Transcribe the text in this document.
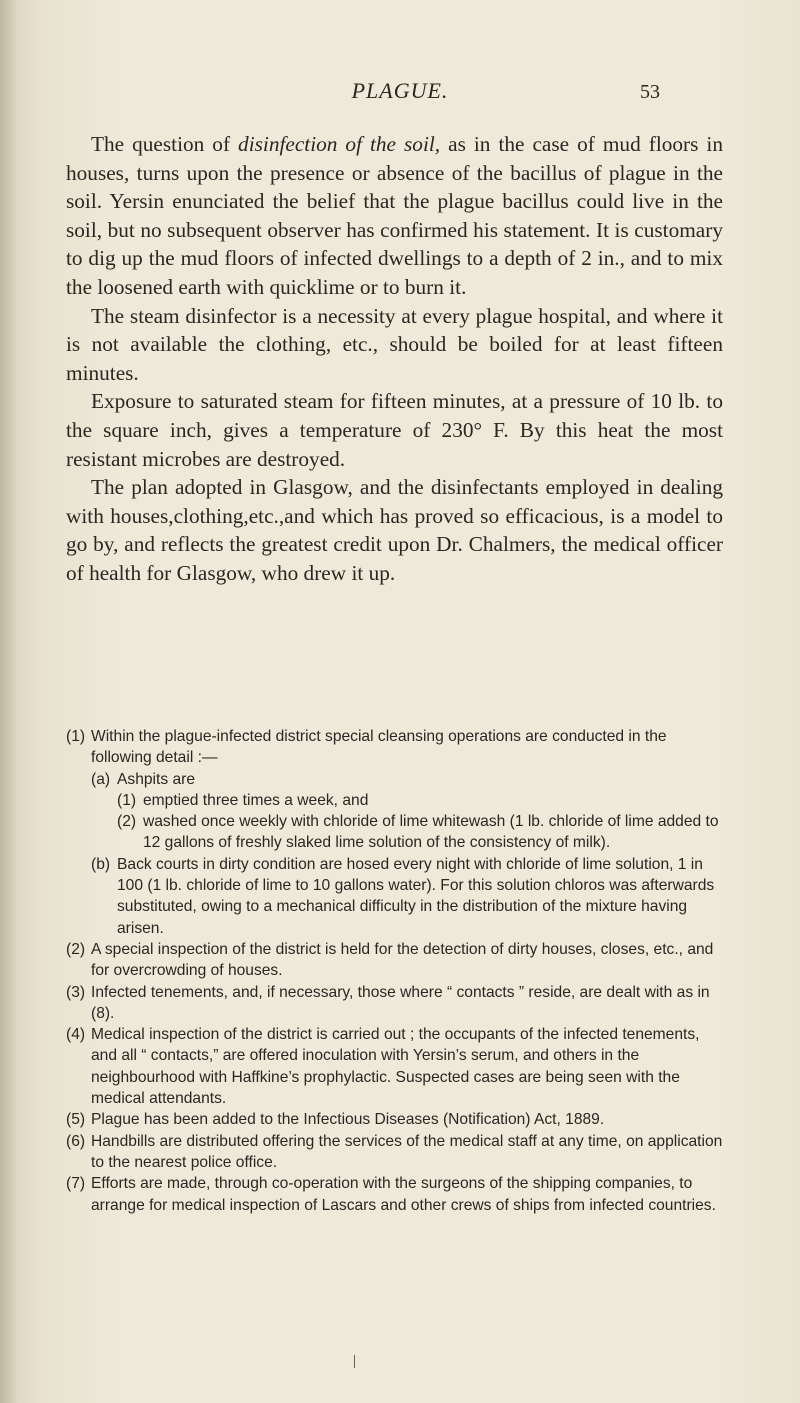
PLAGUE.	53

The question of disinfection of the soil, as in the case of mud floors in houses, turns upon the presence or absence of the bacillus of plague in the soil. Yersin enunciated the belief that the plague bacillus could live in the soil, but no subsequent observer has confirmed his statement. It is customary to dig up the mud floors of infected dwellings to a depth of 2 in., and to mix the loosened earth with quicklime or to burn it.

The steam disinfector is a necessity at every plague hospital, and where it is not available the clothing, etc., should be boiled for at least fifteen minutes.

Exposure to saturated steam for fifteen minutes, at a pressure of 10 lb. to the square inch, gives a temperature of 230° F. By this heat the most resistant microbes are destroyed.

The plan adopted in Glasgow, and the disinfectants employed in dealing with houses,clothing,etc.,and which has proved so efficacious, is a model to go by, and reflects the greatest credit upon Dr. Chalmers, the medical officer of health for Glasgow, who drew it up.

(1) Within the plague-infected district special cleansing operations are conducted in the following detail :—
(a) Ashpits are
(1) emptied three times a week, and
(2) washed once weekly with chloride of lime whitewash (1 lb. chloride of lime added to 12 gallons of freshly slaked lime solution of the consistency of milk).
(b) Back courts in dirty condition are hosed every night with chloride of lime solution, 1 in 100 (1 lb. chloride of lime to 10 gallons water). For this solution chloros was afterwards substituted, owing to a mechanical difficulty in the distribution of the mixture having arisen.
(2) A special inspection of the district is held for the detection of dirty houses, closes, etc., and for overcrowding of houses.
(3) Infected tenements, and, if necessary, those where “ contacts ” reside, are dealt with as in (8).
(4) Medical inspection of the district is carried out ; the occupants of the infected tenements, and all “ contacts,” are offered inoculation with Yersin’s serum, and others in the neighbourhood with Haffkine’s prophylactic. Suspected cases are being seen with the medical attendants.
(5) Plague has been added to the Infectious Diseases (Notification) Act, 1889.
(6) Handbills are distributed offering the services of the medical staff at any time, on application to the nearest police office.
(7) Efforts are made, through co-operation with the surgeons of the shipping companies, to arrange for medical inspection of Lascars and other crews of ships from infected countries.
